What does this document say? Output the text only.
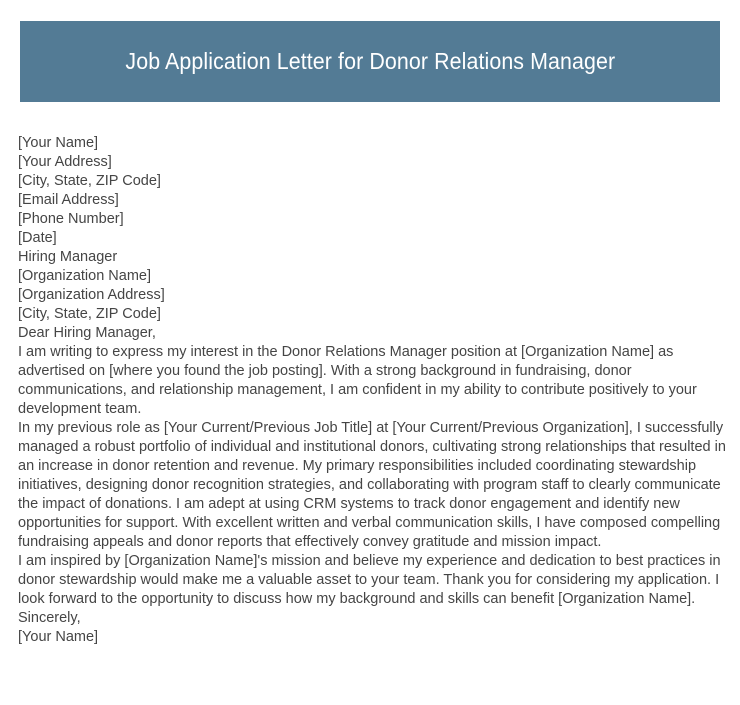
Job Application Letter for Donor Relations Manager
[Your Name]
[Your Address]
[City, State, ZIP Code]
[Email Address]
[Phone Number]
[Date]
Hiring Manager
[Organization Name]
[Organization Address]
[City, State, ZIP Code]
Dear Hiring Manager,

I am writing to express my interest in the Donor Relations Manager position at [Organization Name] as advertised on [where you found the job posting]. With a strong background in fundraising, donor communications, and relationship management, I am confident in my ability to contribute positively to your development team.

In my previous role as [Your Current/Previous Job Title] at [Your Current/Previous Organization], I successfully managed a robust portfolio of individual and institutional donors, cultivating strong relationships that resulted in an increase in donor retention and revenue. My primary responsibilities included coordinating stewardship initiatives, designing donor recognition strategies, and collaborating with program staff to clearly communicate the impact of donations. I am adept at using CRM systems to track donor engagement and identify new opportunities for support. With excellent written and verbal communication skills, I have composed compelling fundraising appeals and donor reports that effectively convey gratitude and mission impact.

I am inspired by [Organization Name]'s mission and believe my experience and dedication to best practices in donor stewardship would make me a valuable asset to your team. Thank you for considering my application. I look forward to the opportunity to discuss how my background and skills can benefit [Organization Name].

Sincerely,
[Your Name]
